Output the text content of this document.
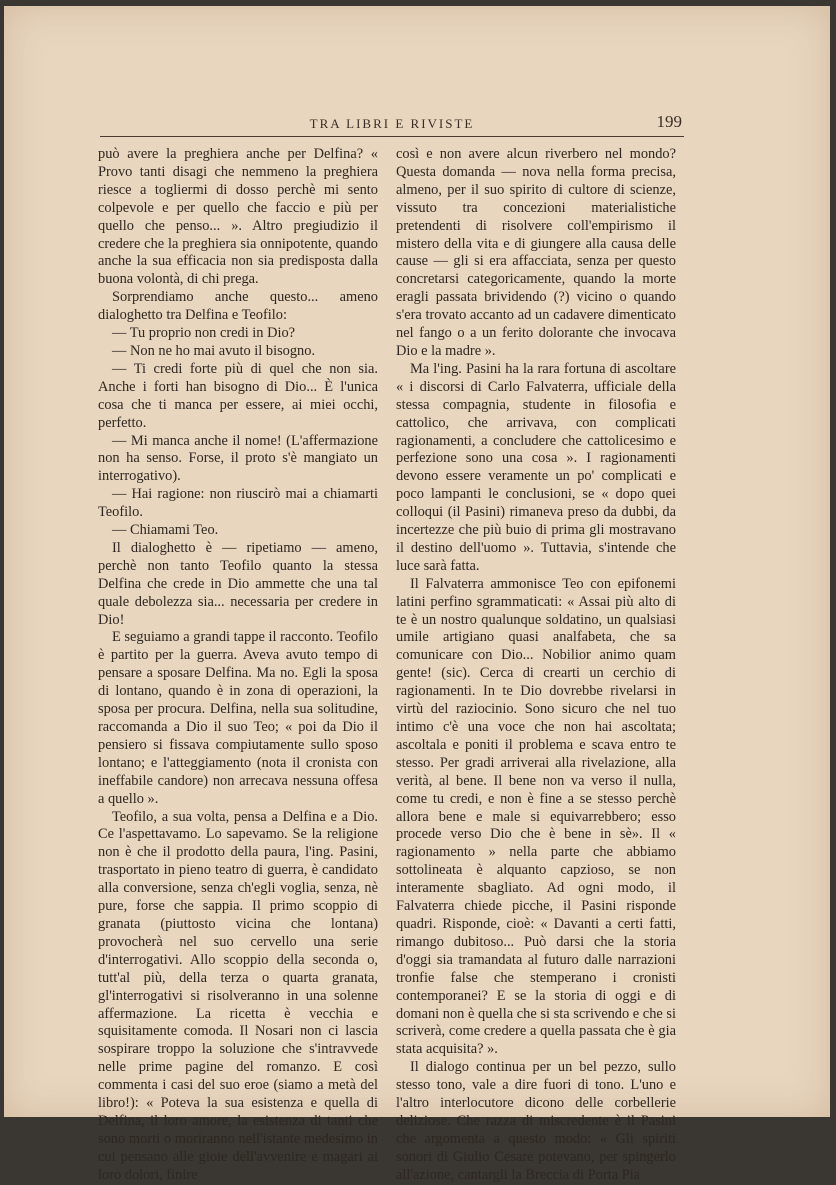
TRA LIBRI E RIVISTE	199

può avere la preghiera anche per Delfina? « Provo tanti disagi che nemmeno la preghiera riesce a togliermi di dosso perchè mi sento colpevole e per quello che faccio e più per quello che penso... ». Altro pregiudizio il credere che la preghiera sia onnipotente, quando anche la sua efficacia non sia predisposta dalla buona volontà, di chi prega.

Sorprendiamo anche questo... ameno dialoghetto tra Delfina e Teofilo:

— Tu proprio non credi in Dio?

— Non ne ho mai avuto il bisogno.

— Ti credi forte più di quel che non sia. Anche i forti han bisogno di Dio... È l'unica cosa che ti manca per essere, ai miei occhi, perfetto.

— Mi manca anche il nome! (L'affermazione non ha senso. Forse, il proto s'è mangiato un interrogativo).

— Hai ragione: non riuscirò mai a chiamarti Teofilo.

— Chiamami Teo.

Il dialoghetto è — ripetiamo — ameno, perchè non tanto Teofilo quanto la stessa Delfina che crede in Dio ammette che una tal quale debolezza sia... necessaria per credere in Dio!

E seguiamo a grandi tappe il racconto. Teofilo è partito per la guerra. Aveva avuto tempo di pensare a sposare Delfina. Ma no. Egli la sposa di lontano, quando è in zona di operazioni, la sposa per procura. Delfina, nella sua solitudine, raccomanda a Dio il suo Teo; « poi da Dio il pensiero si fissava compiutamente sullo sposo lontano; e l'atteggiamento (nota il cronista con ineffabile candore) non arrecava nessuna offesa a quello ».

Teofilo, a sua volta, pensa a Delfina e a Dio. Ce l'aspettavamo. Lo sapevamo. Se la religione non è che il prodotto della paura, l'ing. Pasini, trasportato in pieno teatro di guerra, è candidato alla conversione, senza ch'egli voglia, senza, nè pure, forse che sappia. Il primo scoppio di granata (piuttosto vicina che lontana) provocherà nel suo cervello una serie d'interrogativi. Allo scoppio della seconda o, tutt'al più, della terza o quarta granata, gl'interrogativi si risolveranno in una solenne affermazione. La ricetta è vecchia e squisitamente comoda. Il Nosari non ci lascia sospirare troppo la soluzione che s'intravvede nelle prime pagine del romanzo. E così commenta i casi del suo eroe (siamo a metà del libro!): « Poteva la sua esistenza e quella di Delfina, il loro amore, la esistenza di tanti che sono morti o moriranno nell'istante medesimo in cui pensano alle gioie dell'avvenire e magari ai loro dolori, finire

così e non avere alcun riverbero nel mondo? Questa domanda — nova nella forma precisa, almeno, per il suo spirito di cultore di scienze, vissuto tra concezioni materialistiche pretendenti di risolvere coll'empirismo il mistero della vita e di giungere alla causa delle cause — gli si era affacciata, senza per questo concretarsi categoricamente, quando la morte eragli passata brividendo (?) vicino o quando s'era trovato accanto ad un cadavere dimenticato nel fango o a un ferito dolorante che invocava Dio e la madre ».

Ma l'ing. Pasini ha la rara fortuna di ascoltare « i discorsi di Carlo Falvaterra, ufficiale della stessa compagnia, studente in filosofia e cattolico, che arrivava, con complicati ragionamenti, a concludere che cattolicesimo e perfezione sono una cosa ». I ragionamenti devono essere veramente un po' complicati e poco lampanti le conclusioni, se « dopo quei colloqui (il Pasini) rimaneva preso da dubbi, da incertezze che più buio di prima gli mostravano il destino dell'uomo ». Tuttavia, s'intende che luce sarà fatta.

Il Falvaterra ammonisce Teo con epifonemi latini perfino sgrammaticati: « Assai più alto di te è un nostro qualunque soldatino, un qualsiasi umile artigiano quasi analfabeta, che sa comunicare con Dio... Nobilior animo quam gente! (sic). Cerca di crearti un cerchio di ragionamenti. In te Dio dovrebbe rivelarsi in virtù del raziocinio. Sono sicuro che nel tuo intimo c'è una voce che non hai ascoltata; ascoltala e poniti il problema e scava entro te stesso. Per gradi arriverai alla rivelazione, alla verità, al bene. Il bene non va verso il nulla, come tu credi, e non è fine a se stesso perchè allora bene e male si equivarrebbero; esso procede verso Dio che è bene in sè». Il « ragionamento » nella parte che abbiamo sottolineata è alquanto capzioso, se non interamente sbagliato. Ad ogni modo, il Falvaterra chiede picche, il Pasini risponde quadri. Risponde, cioè: « Davanti a certi fatti, rimango dubitoso... Può darsi che la storia d'oggi sia tramandata al futuro dalle narrazioni tronfie false che stemperano i cronisti contemporanei? E se la storia di oggi e di domani non è quella che si sta scrivendo e che si scriverà, come credere a quella passata che è gia stata acquisita? ».

Il dialogo continua per un bel pezzo, sullo stesso tono, vale a dire fuori di tono. L'uno e l'altro interlocutore dicono delle corbellerie deliziose. Che razza di miscredente è il Pasini che argomenta a questo modo: « Gli spiriti sonori di Giulio Cesare potevano, per spingerlo all'azione, cantargli la Breccia di Porta Pia
